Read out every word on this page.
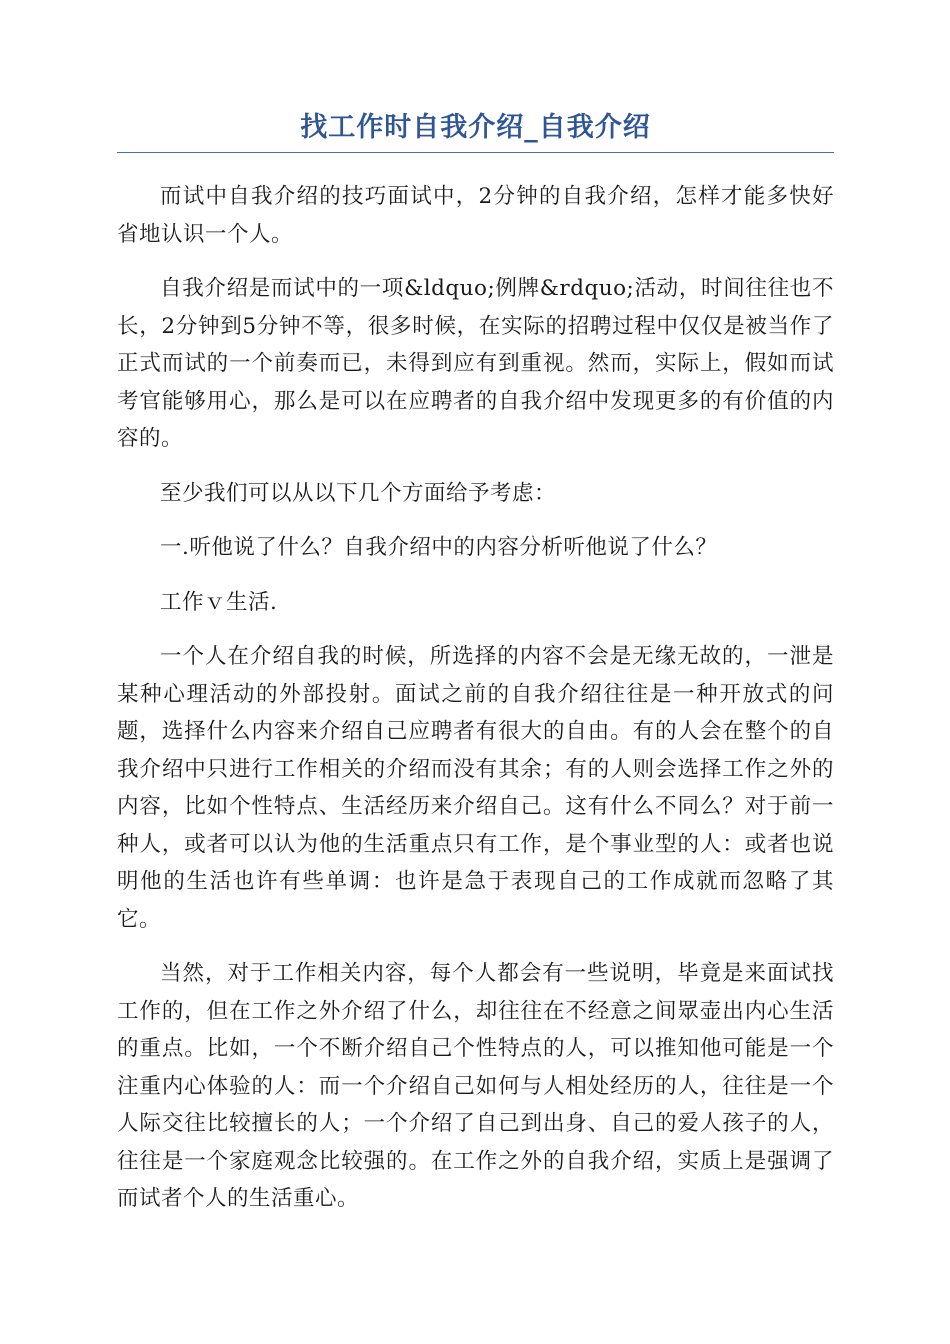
找工作时自我介绍_自我介绍

而试中自我介绍的技巧面试中，2分钟的自我介绍，怎样才能多快好省地认识一个人。

自我介绍是而试中的一项&ldquo;例牌&rdquo;活动，时间往往也不长，2分钟到5分钟不等，很多时候，在实际的招聘过程中仅仅是被当作了正式而试的一个前奏而已，未得到应有到重视。然而，实际上，假如而试考官能够用心，那么是可以在应聘者的自我介绍中发现更多的有价值的内容的。

至少我们可以从以下几个方面给予考虑：

一.听他说了什么？自我介绍中的内容分析听他说了什么？

工作ｖ生活.

一个人在介绍自我的时候，所选择的内容不会是无缘无故的，一泄是某种心理活动的外部投射。面试之前的自我介绍往往是一种开放式的问题，选择什么内容来介绍自己应聘者有很大的自由。有的人会在整个的自我介绍中只进行工作相关的介绍而没有其余；有的人则会选择工作之外的内容，比如个性特点、生活经历来介绍自己。这有什么不同么？对于前一种人，或者可以认为他的生活重点只有工作，是个事业型的人：或者也说明他的生活也许有些单调：也许是急于表现自己的工作成就而忽略了其它。

当然，对于工作相关内容，每个人都会有一些说明，毕竟是来面试找工作的，但在工作之外介绍了什么，却往往在不经意之间眾壶出内心生活的重点。比如，一个不断介绍自己个性特点的人，可以推知他可能是一个注重内心体验的人：而一个介绍自己如何与人相处经历的人，往往是一个人际交往比较擅长的人；一个介绍了自己到出身、自己的爱人孩子的人，往往是一个家庭观念比较强的。在工作之外的自我介绍，实质上是强调了而试者个人的生活重心。
